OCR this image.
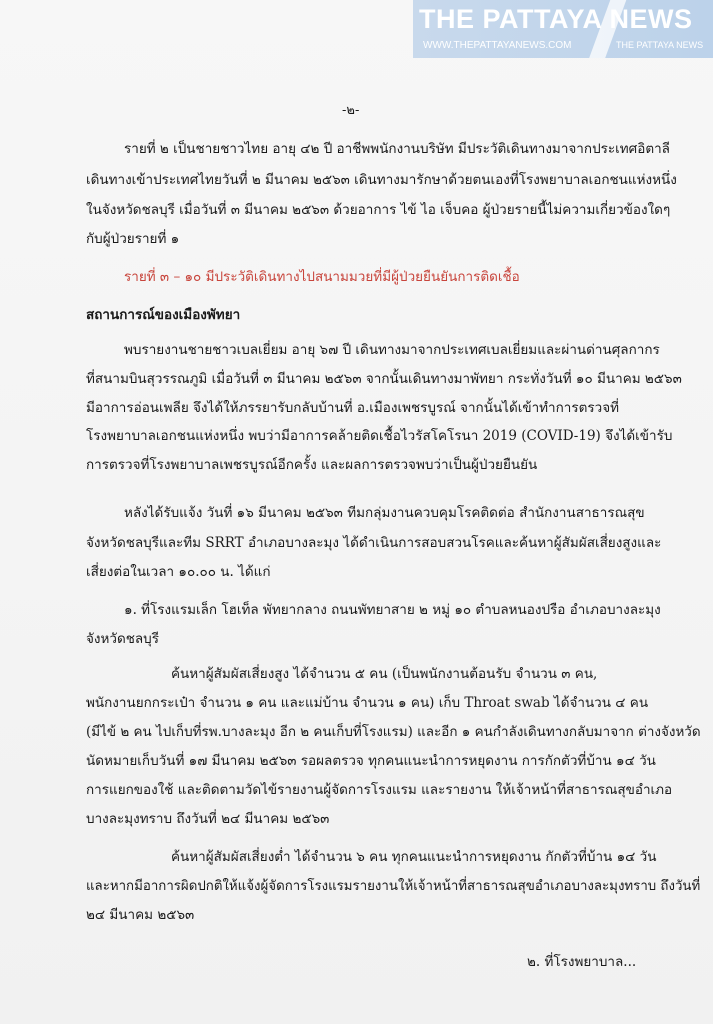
THE PATTAYA NEWS
WWW.THEPATTAYANEWS.COM	THE PATTAYA NEWS
-๒-
รายที่ ๒ เป็นชายชาวไทย อายุ ๔๒ ปี อาชีพพนักงานบริษัท มีประวัติเดินทางมาจากประเทศอิตาลี
เดินทางเข้าประเทศไทยวันที่ ๒ มีนาคม ๒๕๖๓ เดินทางมารักษาด้วยตนเองที่โรงพยาบาลเอกชนแห่งหนึ่ง
ในจังหวัดชลบุรี เมื่อวันที่ ๓ มีนาคม ๒๕๖๓ ด้วยอาการ ไข้ ไอ เจ็บคอ ผู้ป่วยรายนี้ไม่ความเกี่ยวข้องใดๆ
กับผู้ป่วยรายที่ ๑
รายที่ ๓ – ๑๐ มีประวัติเดินทางไปสนามมวยที่มีผู้ป่วยยืนยันการติดเชื้อ
สถานการณ์ของเมืองพัทยา
พบรายงานชายชาวเบลเยี่ยม อายุ ๖๗ ปี เดินทางมาจากประเทศเบลเยี่ยมและผ่านด่านศุลกากร
ที่สนามบินสุวรรณภูมิ เมื่อวันที่ ๓ มีนาคม ๒๕๖๓ จากนั้นเดินทางมาพัทยา กระทั่งวันที่ ๑๐ มีนาคม ๒๕๖๓
มีอาการอ่อนเพลีย จึงได้ให้ภรรยารับกลับบ้านที่ อ.เมืองเพชรบูรณ์ จากนั้นได้เข้าทำการตรวจที่
โรงพยาบาลเอกชนแห่งหนึ่ง พบว่ามีอาการคล้ายติดเชื้อไวรัสโคโรนา 2019 (COVID-19) จึงได้เข้ารับ
การตรวจที่โรงพยาบาลเพชรบูรณ์อีกครั้ง และผลการตรวจพบว่าเป็นผู้ป่วยยืนยัน
หลังได้รับแจ้ง วันที่ ๑๖ มีนาคม ๒๕๖๓ ทีมกลุ่มงานควบคุมโรคติดต่อ สำนักงานสาธารณสุข
จังหวัดชลบุรีและทีม SRRT อำเภอบางละมุง ได้ดำเนินการสอบสวนโรคและค้นหาผู้สัมผัสเสี่ยงสูงและ
เสี่ยงต่อในเวลา ๑๐.๐๐ น. ได้แก่
๑. ที่โรงแรมเล็ก โฮเท็ล พัทยากลาง ถนนพัทยาสาย ๒ หมู่ ๑๐ ตำบลหนองปรือ อำเภอบางละมุง
จังหวัดชลบุรี
ค้นหาผู้สัมผัสเสี่ยงสูง ได้จำนวน ๕ คน (เป็นพนักงานต้อนรับ จำนวน ๓ คน,
พนักงานยกกระเป๋า จำนวน ๑ คน และแม่บ้าน จำนวน ๑ คน) เก็บ Throat swab ได้จำนวน ๔ คน
(มีไข้ ๒ คน ไปเก็บที่รพ.บางละมุง อีก ๒ คนเก็บที่โรงแรม) และอีก ๑ คนกำลังเดินทางกลับมาจาก ต่างจังหวัด
นัดหมายเก็บวันที่ ๑๗ มีนาคม ๒๕๖๓ รอผลตรวจ ทุกคนแนะนำการหยุดงาน การกักตัวที่บ้าน ๑๔ วัน
การแยกของใช้ และติดตามวัดไข้รายงานผู้จัดการโรงแรม และรายงาน ให้เจ้าหน้าที่สาธารณสุขอำเภอ
บางละมุงทราบ ถึงวันที่ ๒๔ มีนาคม ๒๕๖๓
ค้นหาผู้สัมผัสเสี่ยงต่ำ ได้จำนวน ๖ คน ทุกคนแนะนำการหยุดงาน กักตัวที่บ้าน ๑๔ วัน
และหากมีอาการผิดปกติให้แจ้งผู้จัดการโรงแรมรายงานให้เจ้าหน้าที่สาธารณสุขอำเภอบางละมุงทราบ ถึงวันที่
๒๔ มีนาคม ๒๕๖๓
๒. ที่โรงพยาบาล...
